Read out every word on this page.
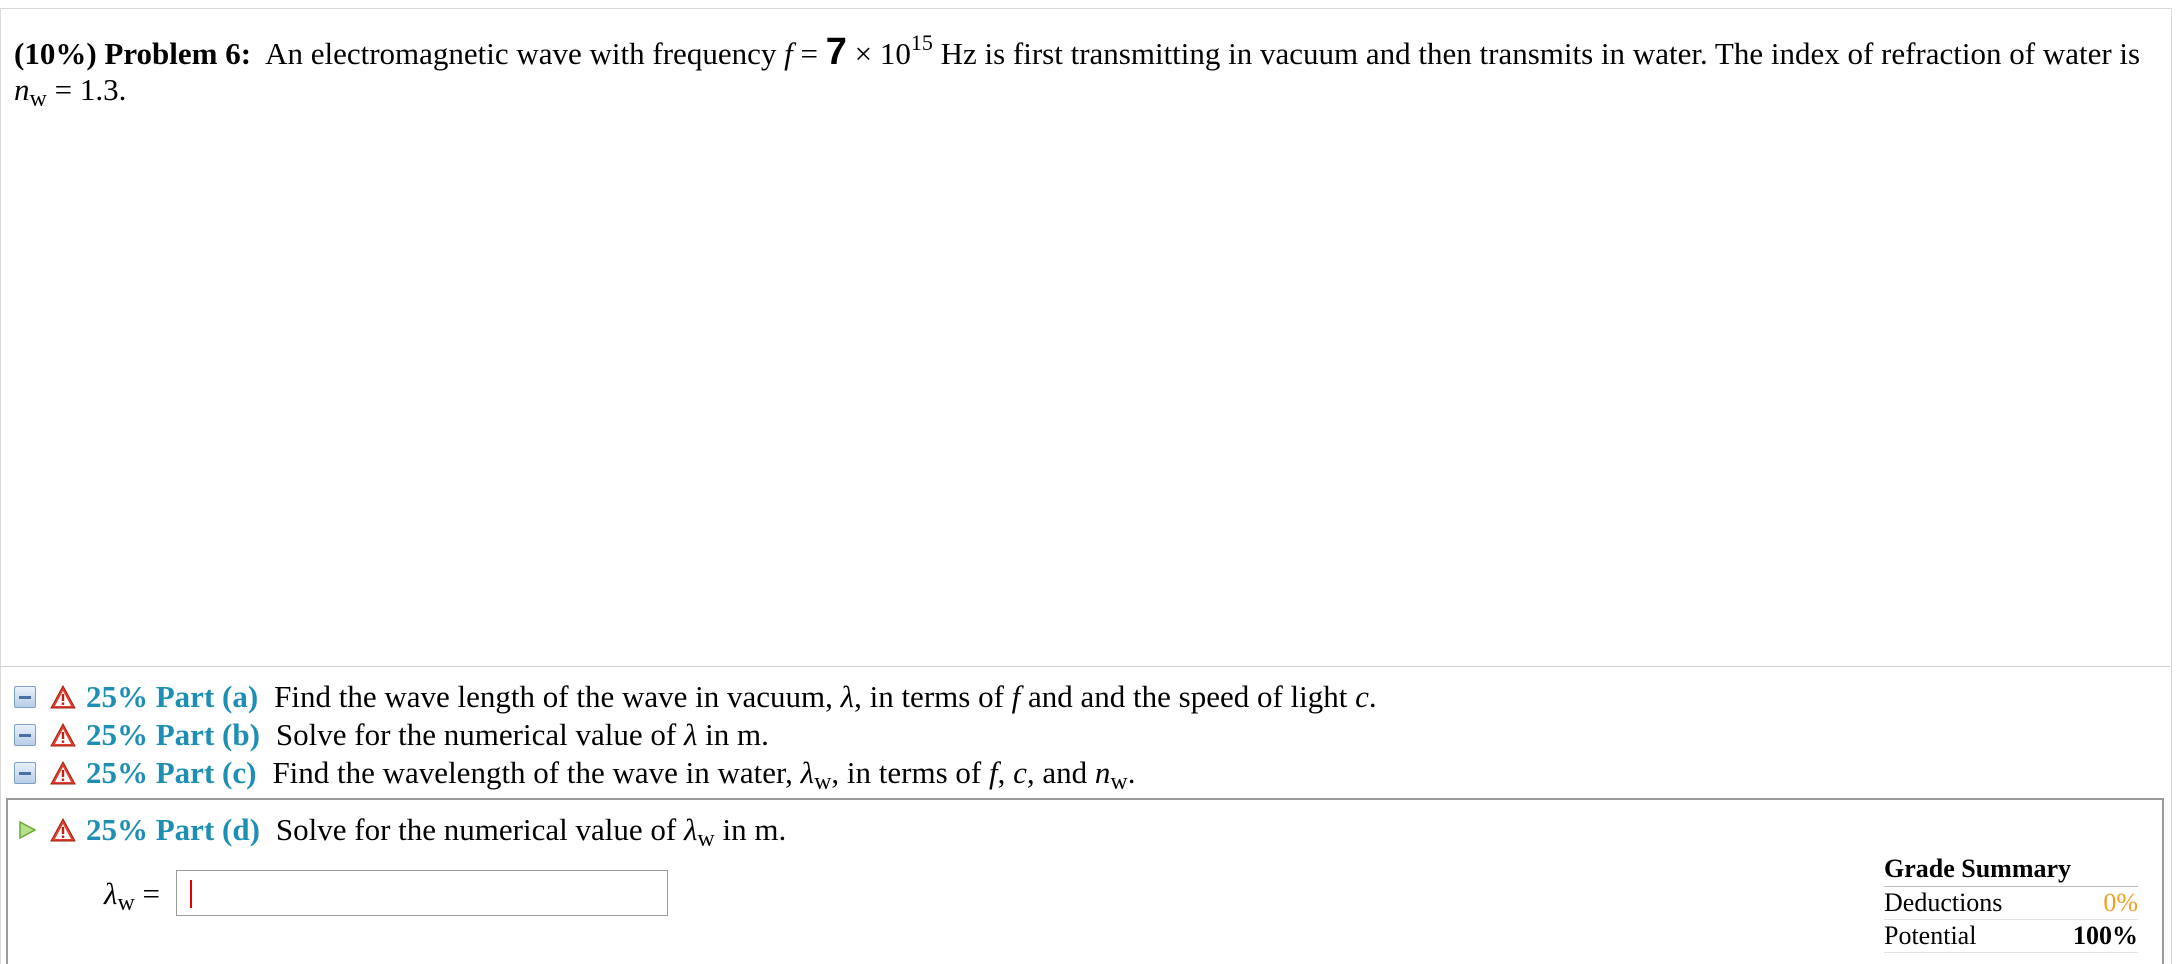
(10%) Problem 6: An electromagnetic wave with frequency $f = 7 \times 10^{15}$ Hz is first transmitting in vacuum and then transmits in water. The index of refraction of water is $n_w = 1.3$.
25% Part (a) Find the wave length of the wave in vacuum, λ, in terms of f and and the speed of light c.
25% Part (b) Solve for the numerical value of λ in m.
25% Part (c) Find the wavelength of the wave in water, $\lambda_w$, in terms of f, c, and $n_w$.
25% Part (d) Solve for the numerical value of $\lambda_w$ in m.
$\lambda_w$ =
Grade Summary
Deductions	0%
Potential	100%
